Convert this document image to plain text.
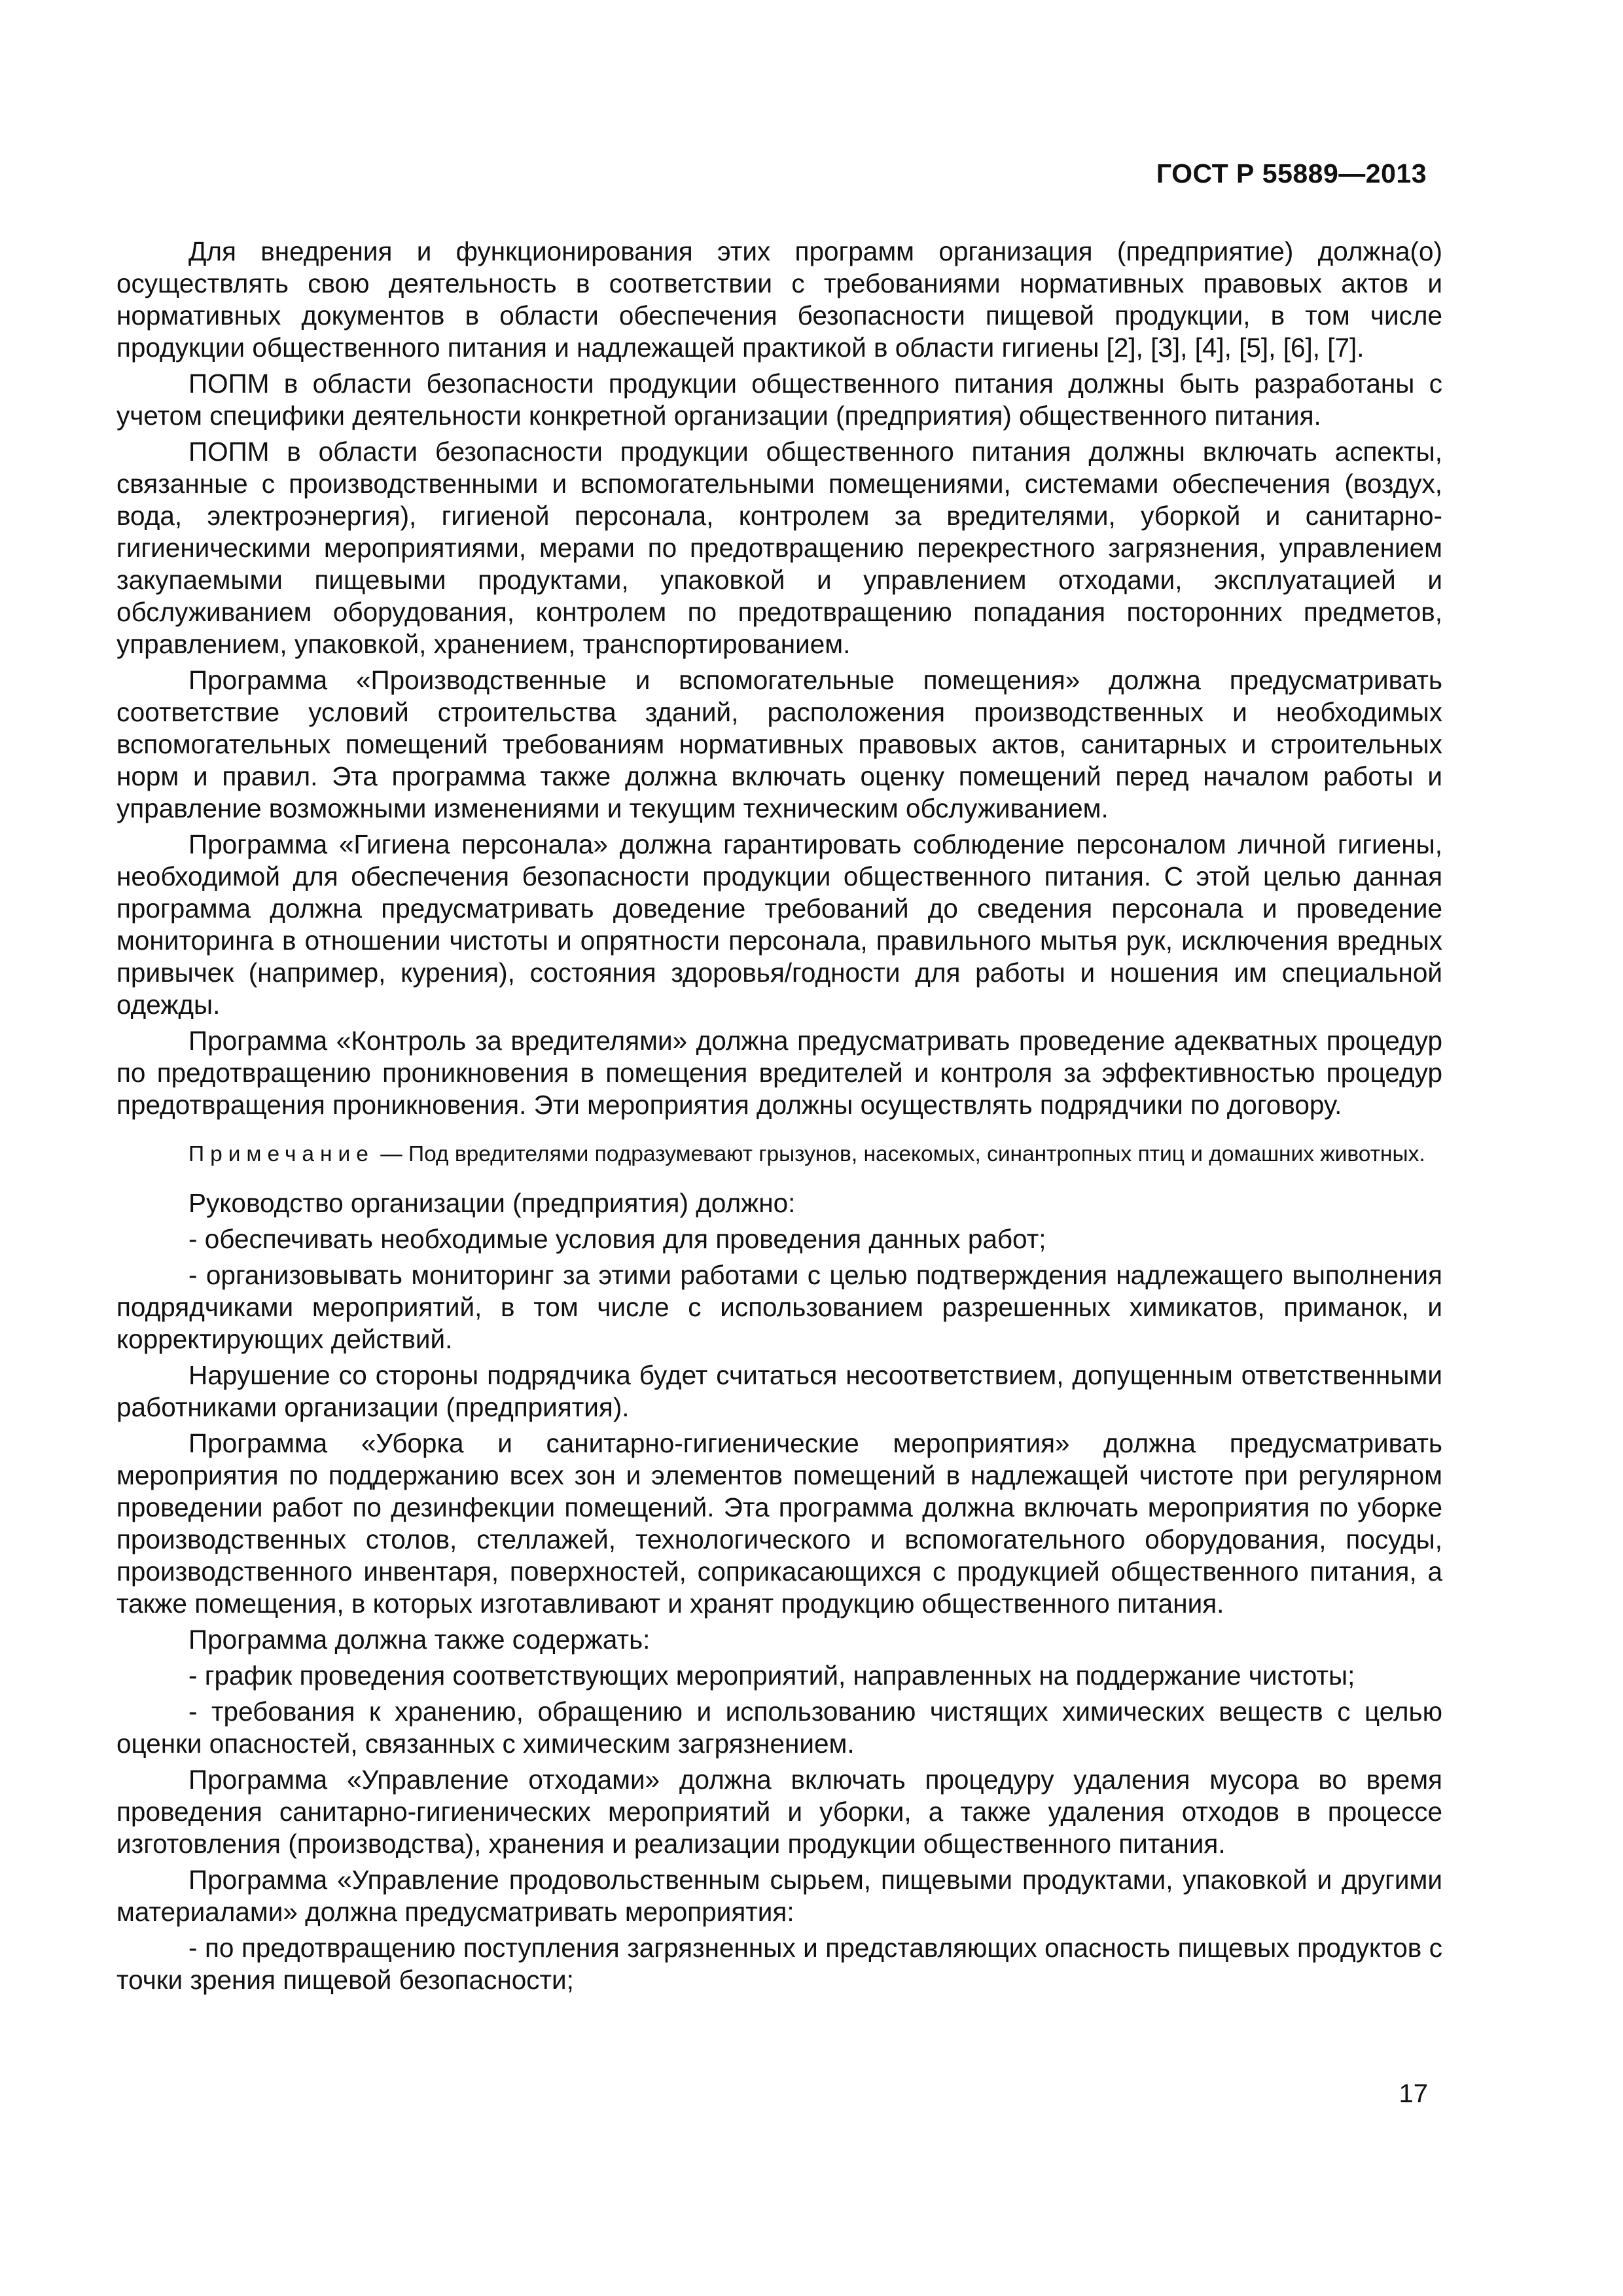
ГОСТ Р 55889—2013

Для внедрения и функционирования этих программ организация (предприятие) должна(о) осуществлять свою деятельность в соответствии с требованиями нормативных правовых актов и нормативных документов в области обеспечения безопасности пищевой продукции, в том числе продукции общественного питания и надлежащей практикой в области гигиены [2], [3], [4], [5], [6], [7].

ПОПМ в области безопасности продукции общественного питания должны быть разработаны с учетом специфики деятельности конкретной организации (предприятия) общественного питания.

ПОПМ в области безопасности продукции общественного питания должны включать аспекты, связанные с производственными и вспомогательными помещениями, системами обеспечения (воздух, вода, электроэнергия), гигиеной персонала, контролем за вредителями, уборкой и санитарно-гигиеническими мероприятиями, мерами по предотвращению перекрестного загрязнения, управлением закупаемыми пищевыми продуктами, упаковкой и управлением отходами, эксплуатацией и обслуживанием оборудования, контролем по предотвращению попадания посторонних предметов, управлением, упаковкой, хранением, транспортированием.

Программа «Производственные и вспомогательные помещения» должна предусматривать соответствие условий строительства зданий, расположения производственных и необходимых вспомогательных помещений требованиям нормативных правовых актов, санитарных и строительных норм и правил. Эта программа также должна включать оценку помещений перед началом работы и управление возможными изменениями и текущим техническим обслуживанием.

Программа «Гигиена персонала» должна гарантировать соблюдение персоналом личной гигиены, необходимой для обеспечения безопасности продукции общественного питания. С этой целью данная программа должна предусматривать доведение требований до сведения персонала и проведение мониторинга в отношении чистоты и опрятности персонала, правильного мытья рук, исключения вредных привычек (например, курения), состояния здоровья/годности для работы и ношения им специальной одежды.

Программа «Контроль за вредителями» должна предусматривать проведение адекватных процедур по предотвращению проникновения в помещения вредителей и контроля за эффективностью процедур предотвращения проникновения. Эти мероприятия должны осуществлять подрядчики по договору.

Примечание — Под вредителями подразумевают грызунов, насекомых, синантропных птиц и домашних животных.

Руководство организации (предприятия) должно:

- обеспечивать необходимые условия для проведения данных работ;

- организовывать мониторинг за этими работами с целью подтверждения надлежащего выполнения подрядчиками мероприятий, в том числе с использованием разрешенных химикатов, приманок, и корректирующих действий.

Нарушение со стороны подрядчика будет считаться несоответствием, допущенным ответственными работниками организации (предприятия).

Программа «Уборка и санитарно-гигиенические мероприятия» должна предусматривать мероприятия по поддержанию всех зон и элементов помещений в надлежащей чистоте при регулярном проведении работ по дезинфекции помещений. Эта программа должна включать мероприятия по уборке производственных столов, стеллажей, технологического и вспомогательного оборудования, посуды, производственного инвентаря, поверхностей, соприкасающихся с продукцией общественного питания, а также помещения, в которых изготавливают и хранят продукцию общественного питания.

Программа должна также содержать:

- график проведения соответствующих мероприятий, направленных на поддержание чистоты;

- требования к хранению, обращению и использованию чистящих химических веществ с целью оценки опасностей, связанных с химическим загрязнением.

Программа «Управление отходами» должна включать процедуру удаления мусора во время проведения санитарно-гигиенических мероприятий и уборки, а также удаления отходов в процессе изготовления (производства), хранения и реализации продукции общественного питания.

Программа «Управление продовольственным сырьем, пищевыми продуктами, упаковкой и другими материалами» должна предусматривать мероприятия:

- по предотвращению поступления загрязненных и представляющих опасность пищевых продуктов с точки зрения пищевой безопасности;

17
